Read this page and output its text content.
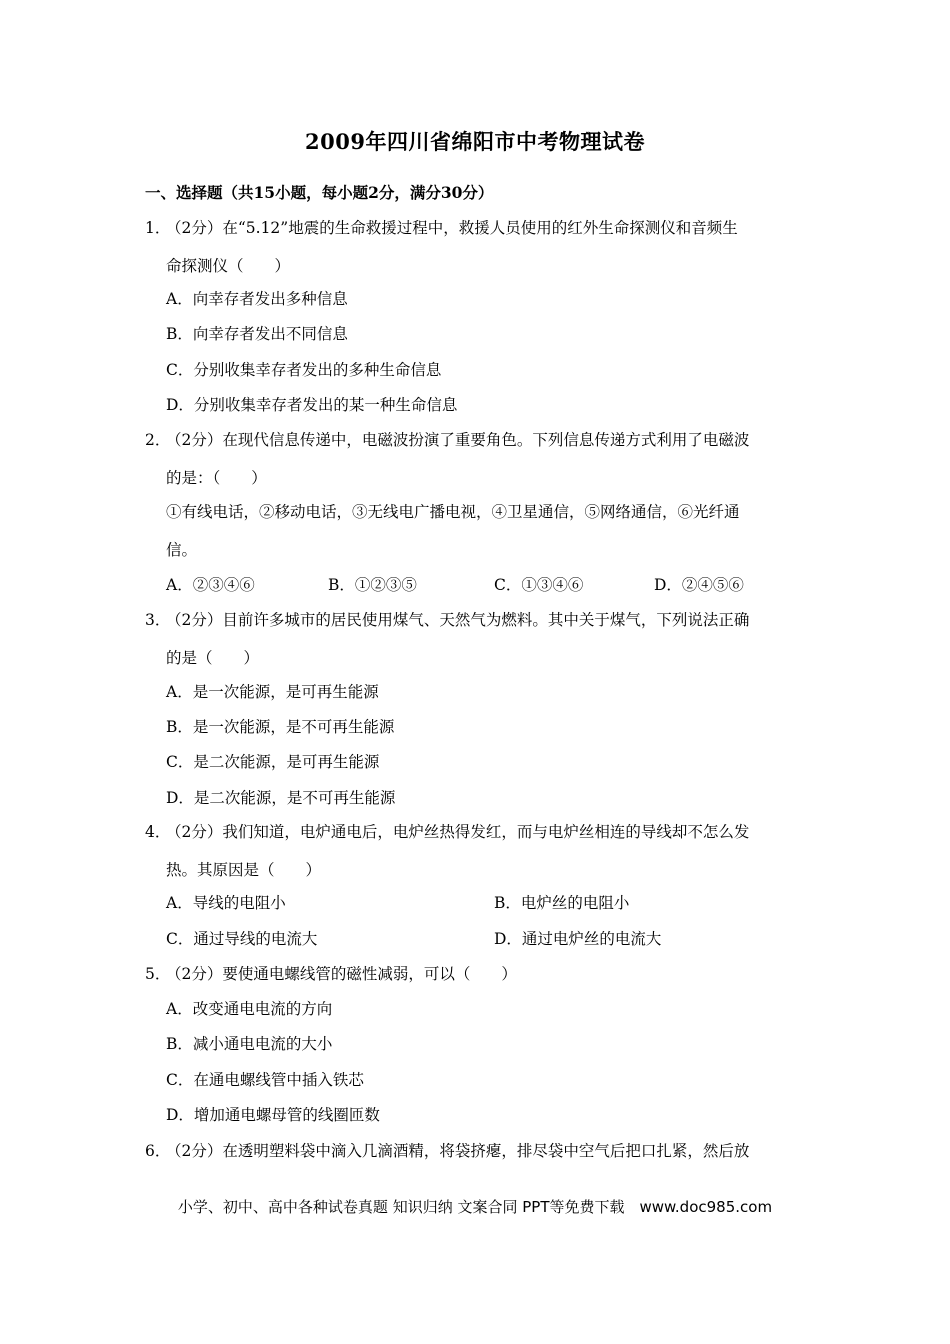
2009年四川省绵阳市中考物理试卷
一、选择题（共15小题，每小题2分，满分30分）
1．
（2分）在“5.12”地震的生命救援过程中，救援人员使用的红外生命探测仪和音频生
命探测仪（　　）
A．向幸存者发出多种信息
B．向幸存者发出不同信息
C．分别收集幸存者发出的多种生命信息
D．分别收集幸存者发出的某一种生命信息
2．
（2分）在现代信息传递中，电磁波扮演了重要角色。下列信息传递方式利用了电磁波
的是：（　　）
①有线电话，②移动电话，③无线电广播电视，④卫星通信，⑤网络通信，⑥光纤通
信。
A．②③④⑥	B．①②③⑤	C．①③④⑥	D．②④⑤⑥
3．
（2分）目前许多城市的居民使用煤气、天然气为燃料。其中关于煤气，下列说法正确
的是（　　）
A．是一次能源，是可再生能源
B．是一次能源，是不可再生能源
C．是二次能源，是可再生能源
D．是二次能源，是不可再生能源
4．
（2分）我们知道，电炉通电后，电炉丝热得发红，而与电炉丝相连的导线却不怎么发
热。其原因是（　　）
A．导线的电阻小	B．电炉丝的电阻小
C．通过导线的电流大	D．通过电炉丝的电流大
5．
（2分）要使通电螺线管的磁性减弱，可以（　　）
A．改变通电电流的方向
B．减小通电电流的大小
C．在通电螺线管中插入铁芯
D．增加通电螺母管的线圈匝数
6．
（2分）在透明塑料袋中滴入几滴酒精，将袋挤瘪，排尽袋中空气后把口扎紧，然后放
小学、初中、高中各种试卷真题 知识归纳 文案合同 PPT等免费下载　www.doc985.com
